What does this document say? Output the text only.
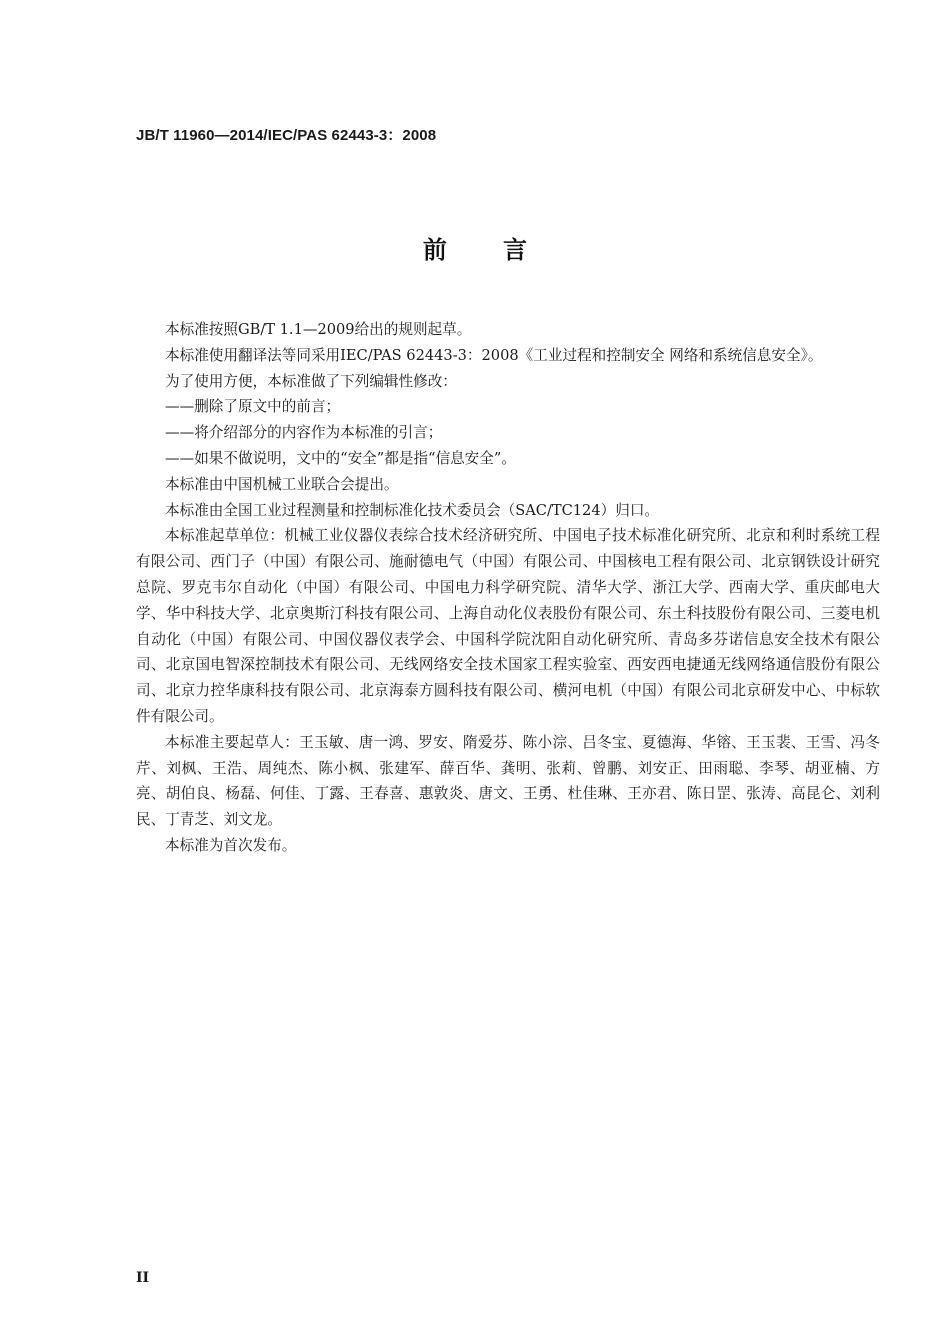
JB/T 11960—2014/IEC/PAS 62443-3：2008
前 言

本标准按照GB/T 1.1—2009给出的规则起草。

本标准使用翻译法等同采用IEC/PAS 62443-3：2008《工业过程和控制安全 网络和系统信息安全》。

为了使用方便，本标准做了下列编辑性修改：

——删除了原文中的前言；

——将介绍部分的内容作为本标准的引言；

——如果不做说明，文中的“安全”都是指“信息安全”。

本标准由中国机械工业联合会提出。

本标准由全国工业过程测量和控制标准化技术委员会（SAC/TC124）归口。

本标准起草单位：机械工业仪器仪表综合技术经济研究所、中国电子技术标准化研究所、北京和利时系统工程有限公司、西门子（中国）有限公司、施耐德电气（中国）有限公司、中国核电工程有限公司、北京钢铁设计研究总院、罗克韦尔自动化（中国）有限公司、中国电力科学研究院、清华大学、浙江大学、西南大学、重庆邮电大学、华中科技大学、北京奥斯汀科技有限公司、上海自动化仪表股份有限公司、东土科技股份有限公司、三菱电机自动化（中国）有限公司、中国仪器仪表学会、中国科学院沈阳自动化研究所、青岛多芬诺信息安全技术有限公司、北京国电智深控制技术有限公司、无线网络安全技术国家工程实验室、西安西电捷通无线网络通信股份有限公司、北京力控华康科技有限公司、北京海泰方圆科技有限公司、横河电机（中国）有限公司北京研发中心、中标软件有限公司。

本标准主要起草人：王玉敏、唐一鸿、罗安、隋爱芬、陈小淙、吕冬宝、夏德海、华镕、王玉裴、王雪、冯冬芹、刘枫、王浩、周纯杰、陈小枫、张建军、薛百华、龚明、张莉、曾鹏、刘安正、田雨聪、李琴、胡亚楠、方亮、胡伯良、杨磊、何佳、丁露、王春喜、惠敦炎、唐文、王勇、杜佳琳、王亦君、陈日罡、张涛、高昆仑、刘利民、丁青芝、刘文龙。

本标准为首次发布。

II
